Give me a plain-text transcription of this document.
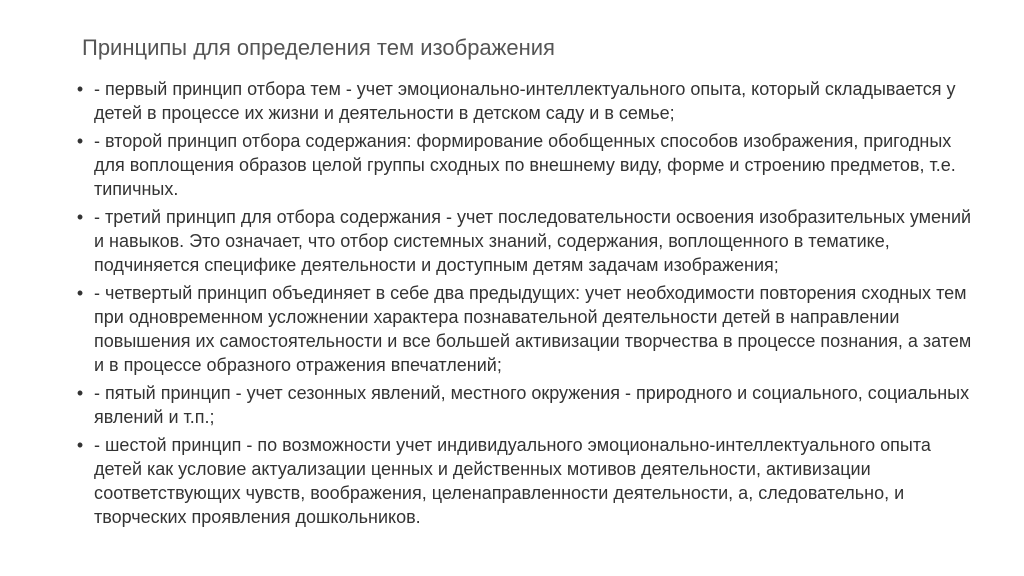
Принципы для определения тем изображения
• - первый принцип отбора тем - учет эмоционально-интеллектуального опыта, который складывается у детей в процессе их жизни и деятельности в детском саду и в семье;
• - второй принцип отбора содержания: формирование обобщенных способов изображения, пригодных для воплощения образов целой группы сходных по внешнему виду, форме и строению предметов, т.е. типичных.
• - третий принцип для отбора содержания - учет последовательности освоения изобразительных умений и навыков. Это означает, что отбор системных знаний, содержания, воплощенного в тематике, подчиняется специфике деятельности и доступным детям задачам изображения;
• - четвертый принцип объединяет в себе два предыдущих: учет необходимости повторения сходных тем при одновременном усложнении характера познавательной деятельности детей в направлении повышения их самостоятельности и все большей активизации творчества в процессе познания, а затем и в процессе образного отражения впечатлений;
• - пятый принцип - учет сезонных явлений, местного окружения - природного и социального, социальных явлений и т.п.;
• - шестой принцип - по возможности учет индивидуального эмоционально-интеллектуального опыта детей как условие актуализации ценных и действенных мотивов деятельности, активизации соответствующих чувств, воображения, целенаправленности деятельности, а, следовательно, и творческих проявления дошкольников.
